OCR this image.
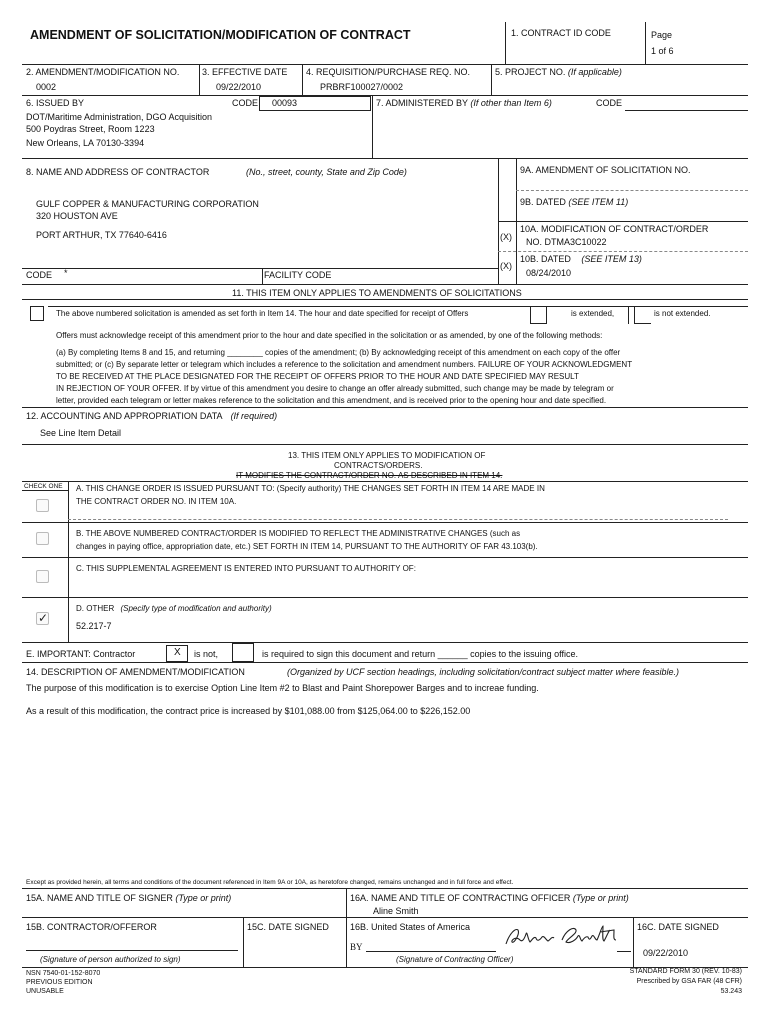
AMENDMENT OF SOLICITATION/MODIFICATION OF CONTRACT	1. CONTRACT ID CODE	Page
1 of 6
2. AMENDMENT/MODIFICATION NO.
0002
3. EFFECTIVE DATE
09/22/2010
4. REQUISITION/PURCHASE REQ. NO.
PRBRF100027/0002
5. PROJECT NO. (If applicable)
6. ISSUED BY	CODE 00093
DOT/Maritime Administration, DGO Acquisition
500 Poydras Street, Room 1223
New Orleans, LA 70130-3394
7. ADMINISTERED BY (If other than Item 6)	CODE
8. NAME AND ADDRESS OF CONTRACTOR	(No., street, county, State and Zip Code)
GULF COPPER & MANUFACTURING CORPORATION
320 HOUSTON AVE
PORT ARTHUR, TX 77640-6416
CODE *	FACILITY CODE
9A. AMENDMENT OF SOLICITATION NO.
9B. DATED (SEE ITEM 11)
(X)
10A. MODIFICATION OF CONTRACT/ORDER
NO. DTMA3C10022
(X)
10B. DATED (SEE ITEM 13)
08/24/2010
11. THIS ITEM ONLY APPLIES TO AMENDMENTS OF SOLICITATIONS
The above numbered solicitation is amended as set forth in Item 14. The hour and date specified for receipt of Offers	is extended,	is not extended.
Offers must acknowledge receipt of this amendment prior to the hour and date specified in the solicitation or as amended, by one of the following methods:
(a) By completing Items 8 and 15, and returning ________ copies of the amendment; (b) By acknowledging receipt of this amendment on each copy of the offer
submitted; or (c) By separate letter or telegram which includes a reference to the solicitation and amendment numbers. FAILURE OF YOUR ACKNOWLEDGMENT
TO BE RECEIVED AT THE PLACE DESIGNATED FOR THE RECEIPT OF OFFERS PRIOR TO THE HOUR AND DATE SPECIFIED MAY RESULT
IN REJECTION OF YOUR OFFER. If by virtue of this amendment you desire to change an offer already submitted, such change may be made by telegram or
letter, provided each telegram or letter makes reference to the solicitation and this amendment, and is received prior to the opening hour and date specified.
12. ACCOUNTING AND APPROPRIATION DATA (If required)
See Line Item Detail
13. THIS ITEM ONLY APPLIES TO MODIFICATION OF
CONTRACTS/ORDERS.
IT MODIFIES THE CONTRACT/ORDER NO. AS DESCRIBED IN ITEM 14.
CHECK ONE A. THIS CHANGE ORDER IS ISSUED PURSUANT TO: (Specify authority) THE CHANGES SET FORTH IN ITEM 14 ARE MADE IN
THE CONTRACT ORDER NO. IN ITEM 10A.
B. THE ABOVE NUMBERED CONTRACT/ORDER IS MODIFIED TO REFLECT THE ADMINISTRATIVE CHANGES (such as
changes in paying office, appropriation date, etc.) SET FORTH IN ITEM 14, PURSUANT TO THE AUTHORITY OF FAR 43.103(b).
C. THIS SUPPLEMENTAL AGREEMENT IS ENTERED INTO PURSUANT TO AUTHORITY OF:
✓
D. OTHER (Specify type of modification and authority)
52.217-7
E. IMPORTANT: Contractor	X is not,	is required to sign this document and return ______ copies to the issuing office.
14. DESCRIPTION OF AMENDMENT/MODIFICATION	(Organized by UCF section headings, including solicitation/contract subject matter where feasible.)
The purpose of this modification is to exercise Option Line Item #2 to Blast and Paint Shorepower Barges and to increae funding.
As a result of this modification, the contract price is increased by $101,088.00 from $125,064.00 to $226,152.00
Except as provided herein, all terms and conditions of the document referenced in Item 9A or 10A, as heretofore changed, remains unchanged and in full force and effect.
15A. NAME AND TITLE OF SIGNER (Type or print)	16A. NAME AND TITLE OF CONTRACTING OFFICER (Type or print)
Aline Smith
15B. CONTRACTOR/OFFEROR	15C. DATE SIGNED 16B. United States of America	16C. DATE SIGNED
09/22/2010
BY
(Signature of person authorized to sign)	(Signature of Contracting Officer)
NSN 7540-01-152-8070
PREVIOUS EDITION
UNUSABLE
STANDARD FORM 30 (REV. 10-83)
Prescribed by GSA FAR (48 CFR)
53.243
